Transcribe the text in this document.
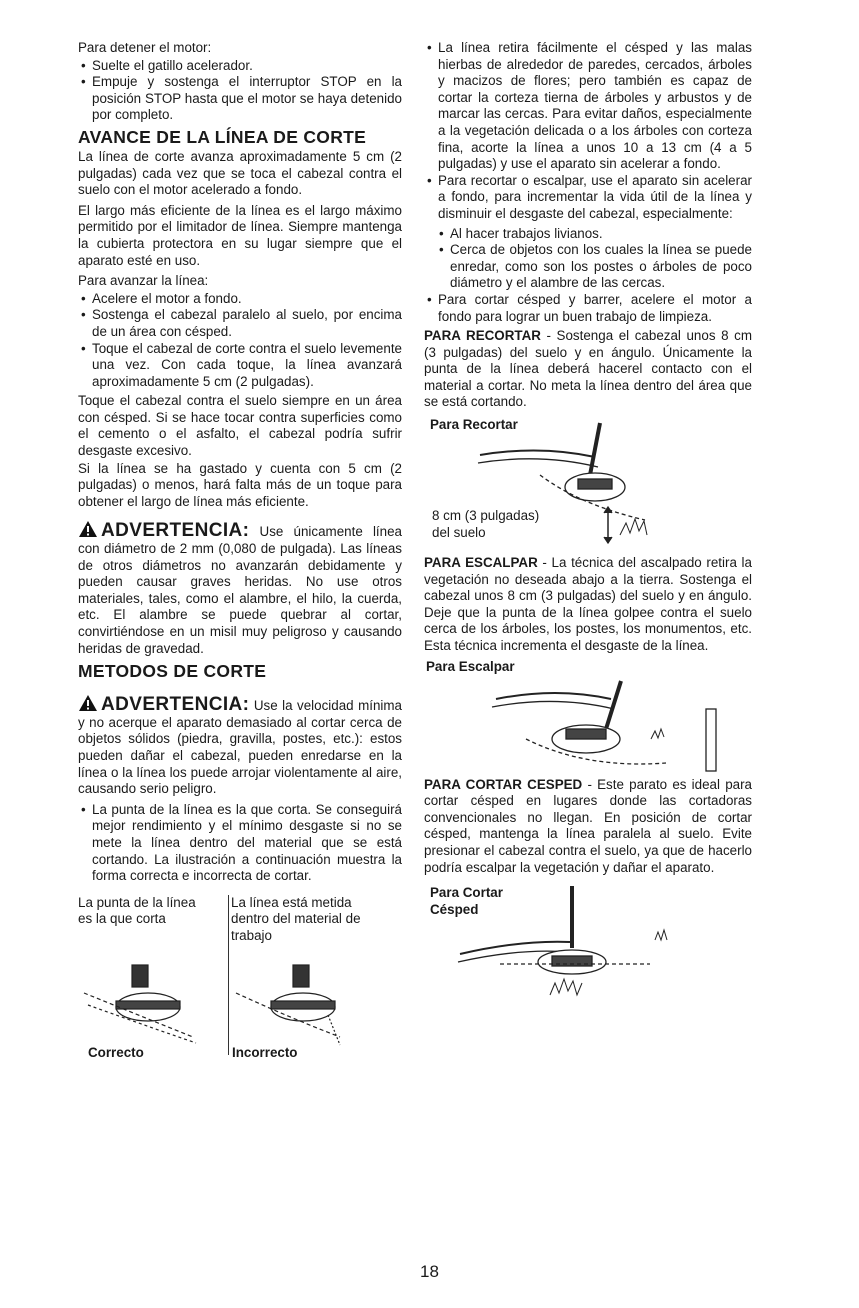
Para detener el motor:

• Suelte el gatillo acelerador.
• Empuje y sostenga el interruptor STOP en la posición STOP hasta que el motor se haya detenido por completo.
AVANCE DE LA LÍNEA DE CORTE

La línea de corte avanza aproximadamente 5 cm (2 pulgadas) cada vez que se toca el cabezal contra el suelo con el motor acelerado a fondo.

El largo más eficiente de la línea es el largo máximo permitido por el limitador de línea. Siempre mantenga la cubierta protectora en su lugar siempre que el aparato esté en uso.

Para avanzar la línea:

• Acelere el motor a fondo.
• Sostenga el cabezal paralelo al suelo, por encima de un área con césped.
• Toque el cabezal de corte contra el suelo levemente una vez. Con cada toque, la línea avanzará aproximadamente 5 cm (2 pulgadas).

Toque el cabezal contra el suelo siempre en un área con césped. Si se hace tocar contra superficies como el cemento o el asfalto, el cabezal podría sufrir desgaste excesivo.

Si la línea se ha gastado y cuenta con 5 cm (2 pulgadas) o menos, hará falta más de un toque para obtener el largo de línea más eficiente.

ADVERTENCIA: Use únicamente línea con diámetro de 2 mm (0,080 de pulgada). Las líneas de otros diámetros no avanzarán debidamente y pueden causar graves heridas. No use otros materiales, tales, como el alambre, el hilo, la cuerda, etc. El alambre se puede quebrar al cortar, convirtiéndose en un misil muy peligroso y causando heridas de gravedad.
METODOS DE CORTE
ADVERTENCIA: Use la velocidad mínima y no acerque el aparato demasiado al cortar cerca de objetos sólidos (piedra, gravilla, postes, etc.): estos pueden dañar el cabezal, pueden enredarse en la línea o la línea los puede arrojar violentamente al aire, causando serio peligro.
• La punta de la línea es la que corta. Se conseguirá mejor rendimiento y el mínimo desgaste si no se mete la línea dentro del material que se está cortando. La ilustración a continuación muestra la forma correcta e incorrecta de cortar.
La punta de la línea es la que corta
La línea está metida dentro del material de trabajo
Correcto	Incorrecto
• La línea retira fácilmente el césped y las malas hierbas de alrededor de paredes, cercados, árboles y macizos de flores; pero también es capaz de cortar la corteza tierna de árboles y arbustos y de marcar las cercas. Para evitar daños, especialmente a la vegetación delicada o a los árboles con corteza fina, acorte la línea a unos 10 a 13 cm (4 a 5 pulgadas) y use el aparato sin acelerar a fondo.
• Para recortar o escalpar, use el aparato sin acelerar a fondo, para incrementar la vida útil de la línea y disminuir el desgaste del cabezal, especialmente:
• Al hacer trabajos livianos.
• Cerca de objetos con los cuales la línea se puede enredar, como son los postes o árboles de poco diámetro y el alambre de las cercas.
• Para cortar césped y barrer, acelere el motor a fondo para lograr un buen trabajo de limpieza.

PARA RECORTAR - Sostenga el cabezal unos 8 cm (3 pulgadas) del suelo y en ángulo. Únicamente la punta de la línea deberá hacerel contacto con el material a cortar. No meta la línea dentro del área que se está cortando.

Para Recortar
8 cm (3 pulgadas) del suelo

PARA ESCALPAR - La técnica del ascalpado retira la vegetación no deseada abajo a la tierra. Sostenga el cabezal unos 8 cm (3 pulgadas) del suelo y en ángulo. Deje que la punta de la línea golpee contra el suelo cerca de los árboles, los postes, los monumentos, etc. Esta técnica incrementa el desgaste de la línea.

Para Escalpar

PARA CORTAR CESPED - Este parato es ideal para cortar césped en lugares donde las cortadoras convencionales no llegan. En posición de cortar césped, mantenga la línea paralela al suelo. Evite presionar el cabezal contra el suelo, ya que de hacerlo podría escalpar la vegetación y dañar el aparato.

Para Cortar Césped
18
